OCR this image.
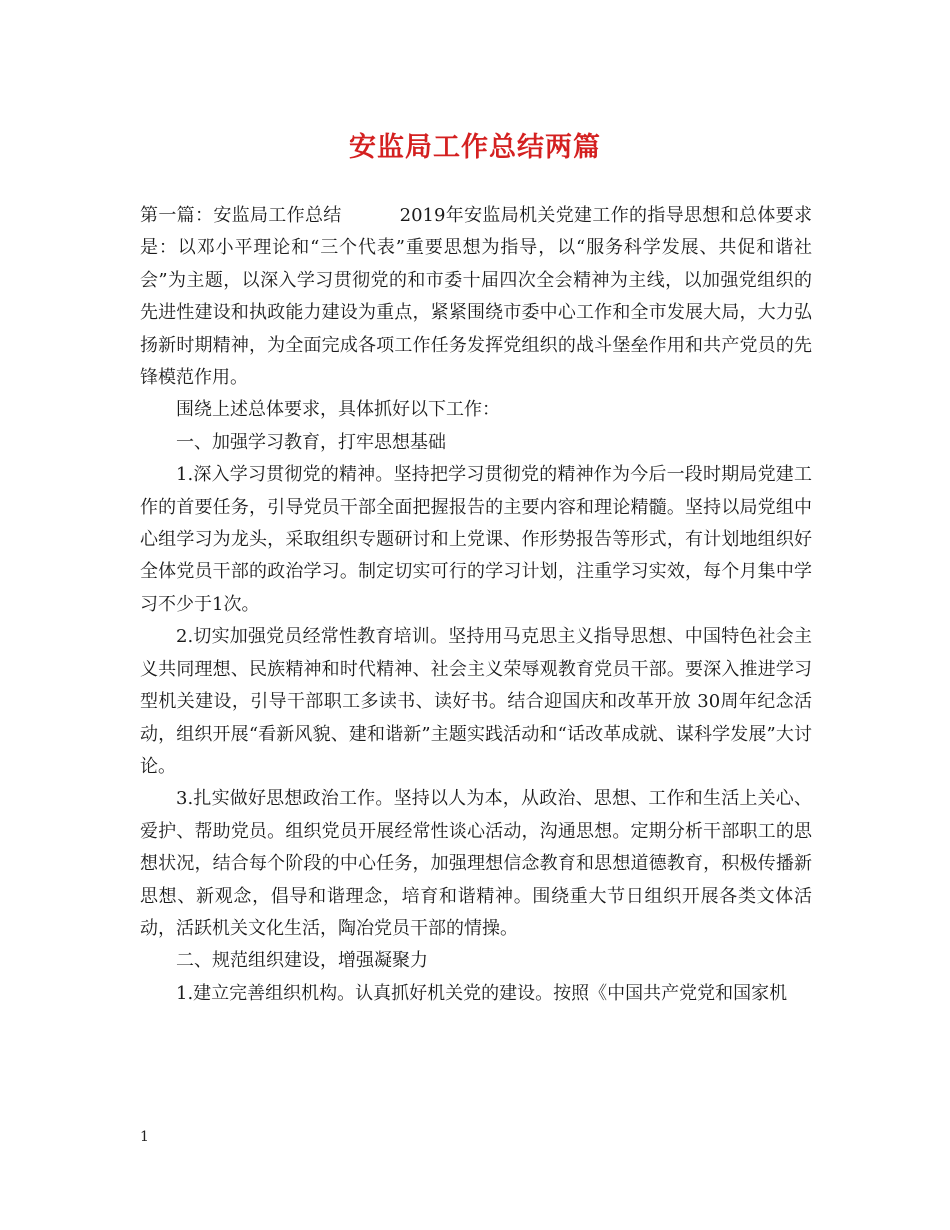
安监局工作总结两篇

第一篇：安监局工作总结	2019年安监局机关党建工作的指导思想和总体要求是：以邓小平理论和“三个代表”重要思想为指导，以“服务科学发展、共促和谐社会”为主题，以深入学习贯彻党的和市委十届四次全会精神为主线，以加强党组织的先进性建设和执政能力建设为重点，紧紧围绕市委中心工作和全市发展大局，大力弘扬新时期精神，为全面完成各项工作任务发挥党组织的战斗堡垒作用和共产党员的先锋模范作用。

围绕上述总体要求，具体抓好以下工作：

一、加强学习教育，打牢思想基础

1.深入学习贯彻党的精神。坚持把学习贯彻党的精神作为今后一段时期局党建工作的首要任务，引导党员干部全面把握报告的主要内容和理论精髓。坚持以局党组中心组学习为龙头，采取组织专题研讨和上党课、作形势报告等形式，有计划地组织好全体党员干部的政治学习。制定切实可行的学习计划，注重学习实效，每个月集中学习不少于1次。

2.切实加强党员经常性教育培训。坚持用马克思主义指导思想、中国特色社会主义共同理想、民族精神和时代精神、社会主义荣辱观教育党员干部。要深入推进学习型机关建设，引导干部职工多读书、读好书。结合迎国庆和改革开放 30周年纪念活动，组织开展“看新风貌、建和谐新”主题实践活动和“话改革成就、谋科学发展”大讨论。

3.扎实做好思想政治工作。坚持以人为本，从政治、思想、工作和生活上关心、爱护、帮助党员。组织党员开展经常性谈心活动，沟通思想。定期分析干部职工的思想状况，结合每个阶段的中心任务，加强理想信念教育和思想道德教育，积极传播新思想、新观念，倡导和谐理念，培育和谐精神。围绕重大节日组织开展各类文体活动，活跃机关文化生活，陶冶党员干部的情操。

二、规范组织建设，增强凝聚力

1.建立完善组织机构。认真抓好机关党的建设。按照《中国共产党党和国家机

1
